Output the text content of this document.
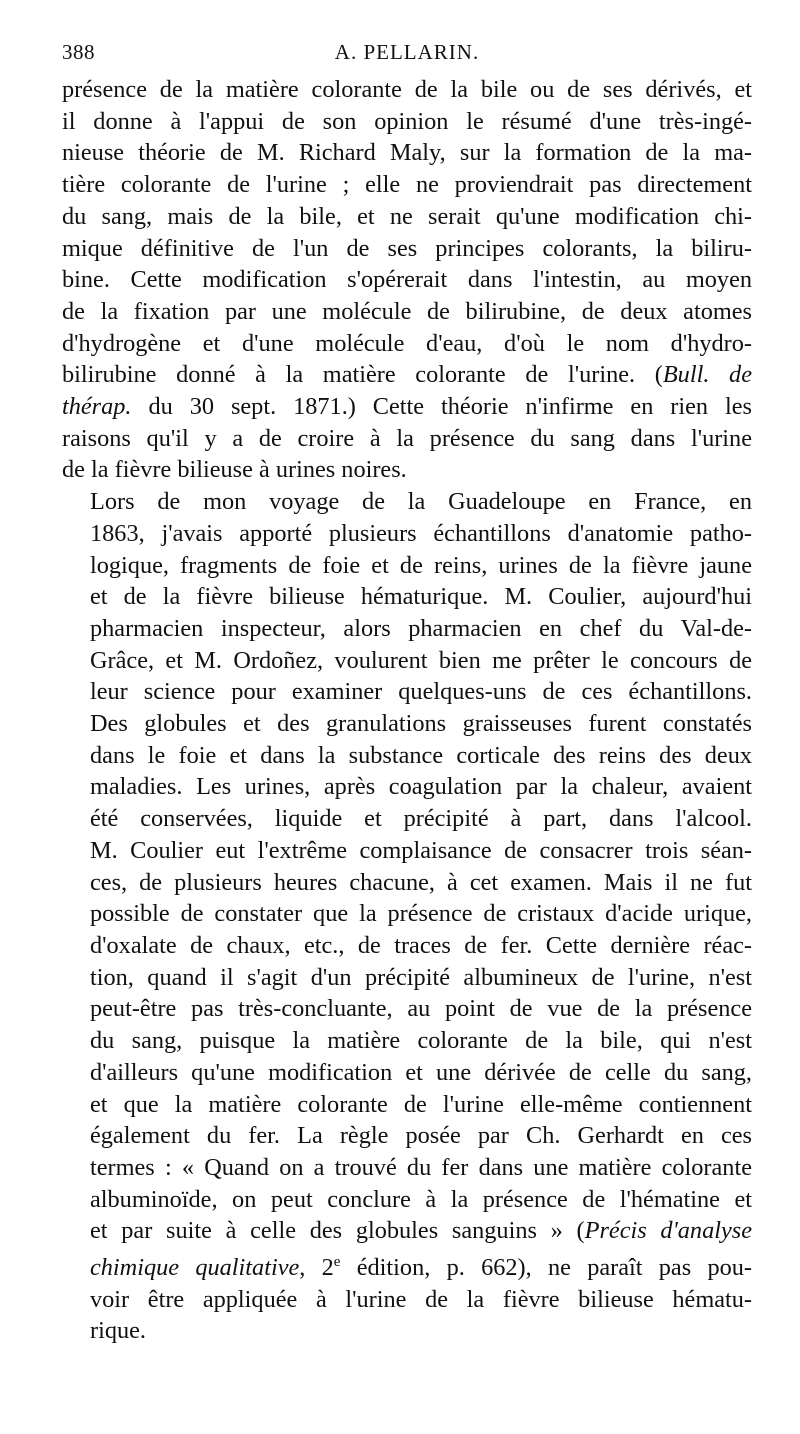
388	A. PELLARIN.

présence de la matière colorante de la bile ou de ses dérivés, et
il donne à l'appui de son opinion le résumé d'une très-ingé-
nieuse théorie de M. Richard Maly, sur la formation de la ma-
tière colorante de l'urine ; elle ne proviendrait pas directement
du sang, mais de la bile, et ne serait qu'une modification chi-
mique définitive de l'un de ses principes colorants, la biliru-
bine. Cette modification s'opérerait dans l'intestin, au moyen
de la fixation par une molécule de bilirubine, de deux atomes
d'hydrogène et d'une molécule d'eau, d'où le nom d'hydro-
bilirubine donné à la matière colorante de l'urine. (Bull. de
thérap. du 30 sept. 1871.) Cette théorie n'infirme en rien les
raisons qu'il y a de croire à la présence du sang dans l'urine
de la fièvre bilieuse à urines noires.

Lors de mon voyage de la Guadeloupe en France, en
1863, j'avais apporté plusieurs échantillons d'anatomie patho-
logique, fragments de foie et de reins, urines de la fièvre jaune
et de la fièvre bilieuse hématurique. M. Coulier, aujourd'hui
pharmacien inspecteur, alors pharmacien en chef du Val-de-
Grâce, et M. Ordoñez, voulurent bien me prêter le concours de
leur science pour examiner quelques-uns de ces échantillons.
Des globules et des granulations graisseuses furent constatés
dans le foie et dans la substance corticale des reins des deux
maladies. Les urines, après coagulation par la chaleur, avaient
été conservées, liquide et précipité à part, dans l'alcool.
M. Coulier eut l'extrême complaisance de consacrer trois séan-
ces, de plusieurs heures chacune, à cet examen. Mais il ne fut
possible de constater que la présence de cristaux d'acide urique,
d'oxalate de chaux, etc., de traces de fer. Cette dernière réac-
tion, quand il s'agit d'un précipité albumineux de l'urine, n'est
peut-être pas très-concluante, au point de vue de la présence
du sang, puisque la matière colorante de la bile, qui n'est
d'ailleurs qu'une modification et une dérivée de celle du sang,
et que la matière colorante de l'urine elle-même contiennent
également du fer. La règle posée par Ch. Gerhardt en ces
termes : « Quand on a trouvé du fer dans une matière colorante
albuminoïde, on peut conclure à la présence de l'hématine et
et par suite à celle des globules sanguins » (Précis d'analyse
chimique qualitative, 2e édition, p. 662), ne paraît pas pou-
voir être appliquée à l'urine de la fièvre bilieuse hématu-
rique.
